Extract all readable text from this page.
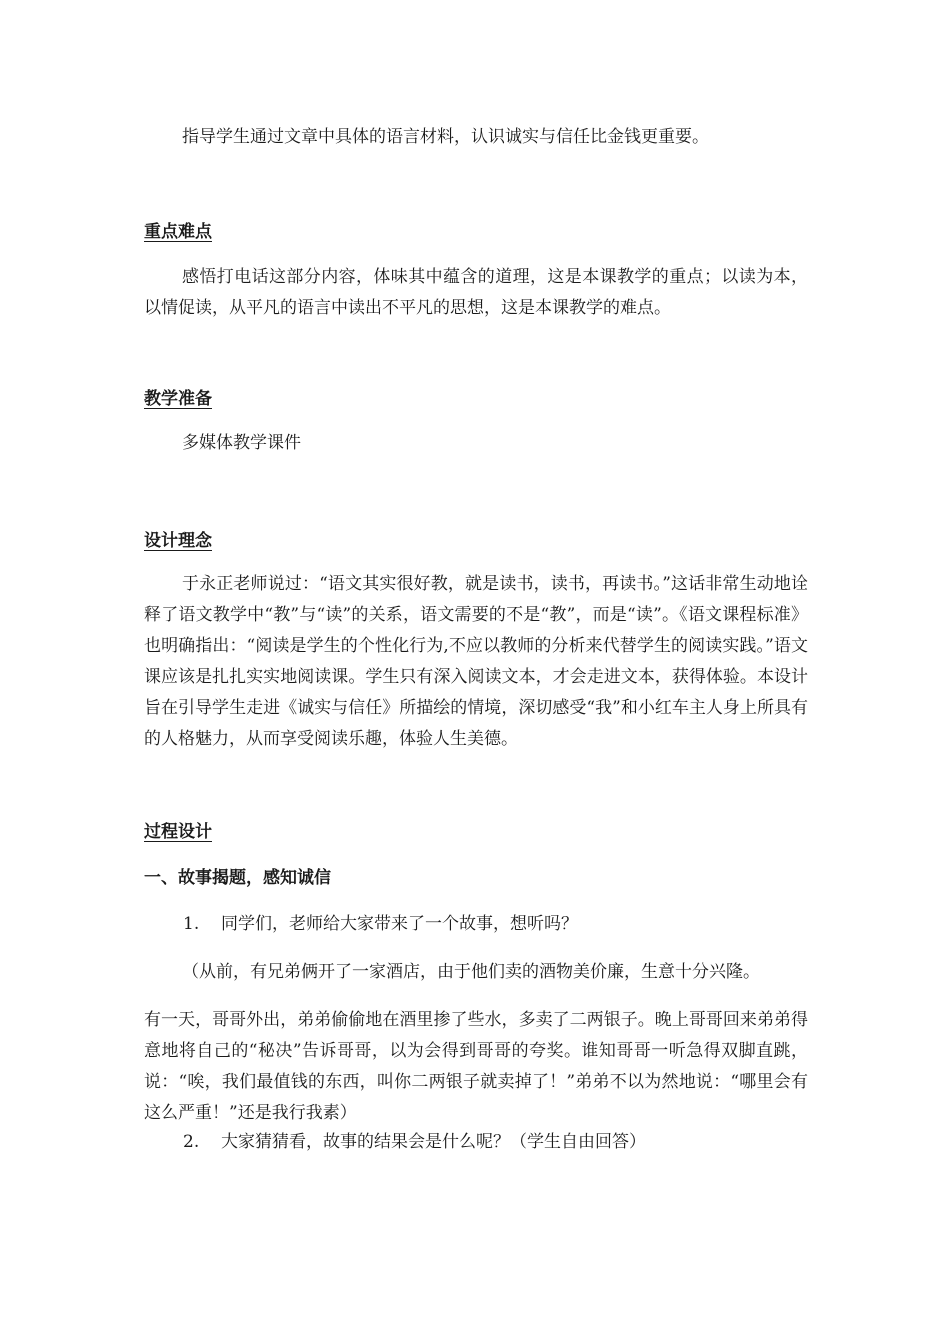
指导学生通过文章中具体的语言材料，认识诚实与信任比金钱更重要。

重点难点

感悟打电话这部分内容，体味其中蕴含的道理，这是本课教学的重点；以读为本，以情促读，从平凡的语言中读出不平凡的思想，这是本课教学的难点。

教学准备

多媒体教学课件

设计理念

于永正老师说过：“语文其实很好教，就是读书，读书，再读书。”这话非常生动地诠释了语文教学中“教”与“读”的关系，语文需要的不是“教”，而是“读”。《语文课程标准》也明确指出：“阅读是学生的个性化行为,不应以教师的分析来代替学生的阅读实践。”语文课应该是扎扎实实地阅读课。学生只有深入阅读文本，才会走进文本，获得体验。本设计旨在引导学生走进《诚实与信任》所描绘的情境，深切感受“我”和小红车主人身上所具有的人格魅力，从而享受阅读乐趣，体验人生美德。

过程设计

一、故事揭题，感知诚信

1. 同学们，老师给大家带来了一个故事，想听吗？

（从前，有兄弟俩开了一家酒店，由于他们卖的酒物美价廉，生意十分兴隆。

有一天，哥哥外出，弟弟偷偷地在酒里掺了些水，多卖了二两银子。晚上哥哥回来弟弟得意地将自己的“秘决”告诉哥哥，以为会得到哥哥的夸奖。谁知哥哥一听急得双脚直跳，说：“唉，我们最值钱的东西，叫你二两银子就卖掉了！”弟弟不以为然地说：“哪里会有这么严重！”还是我行我素）

2. 大家猜猜看，故事的结果会是什么呢？（学生自由回答）
